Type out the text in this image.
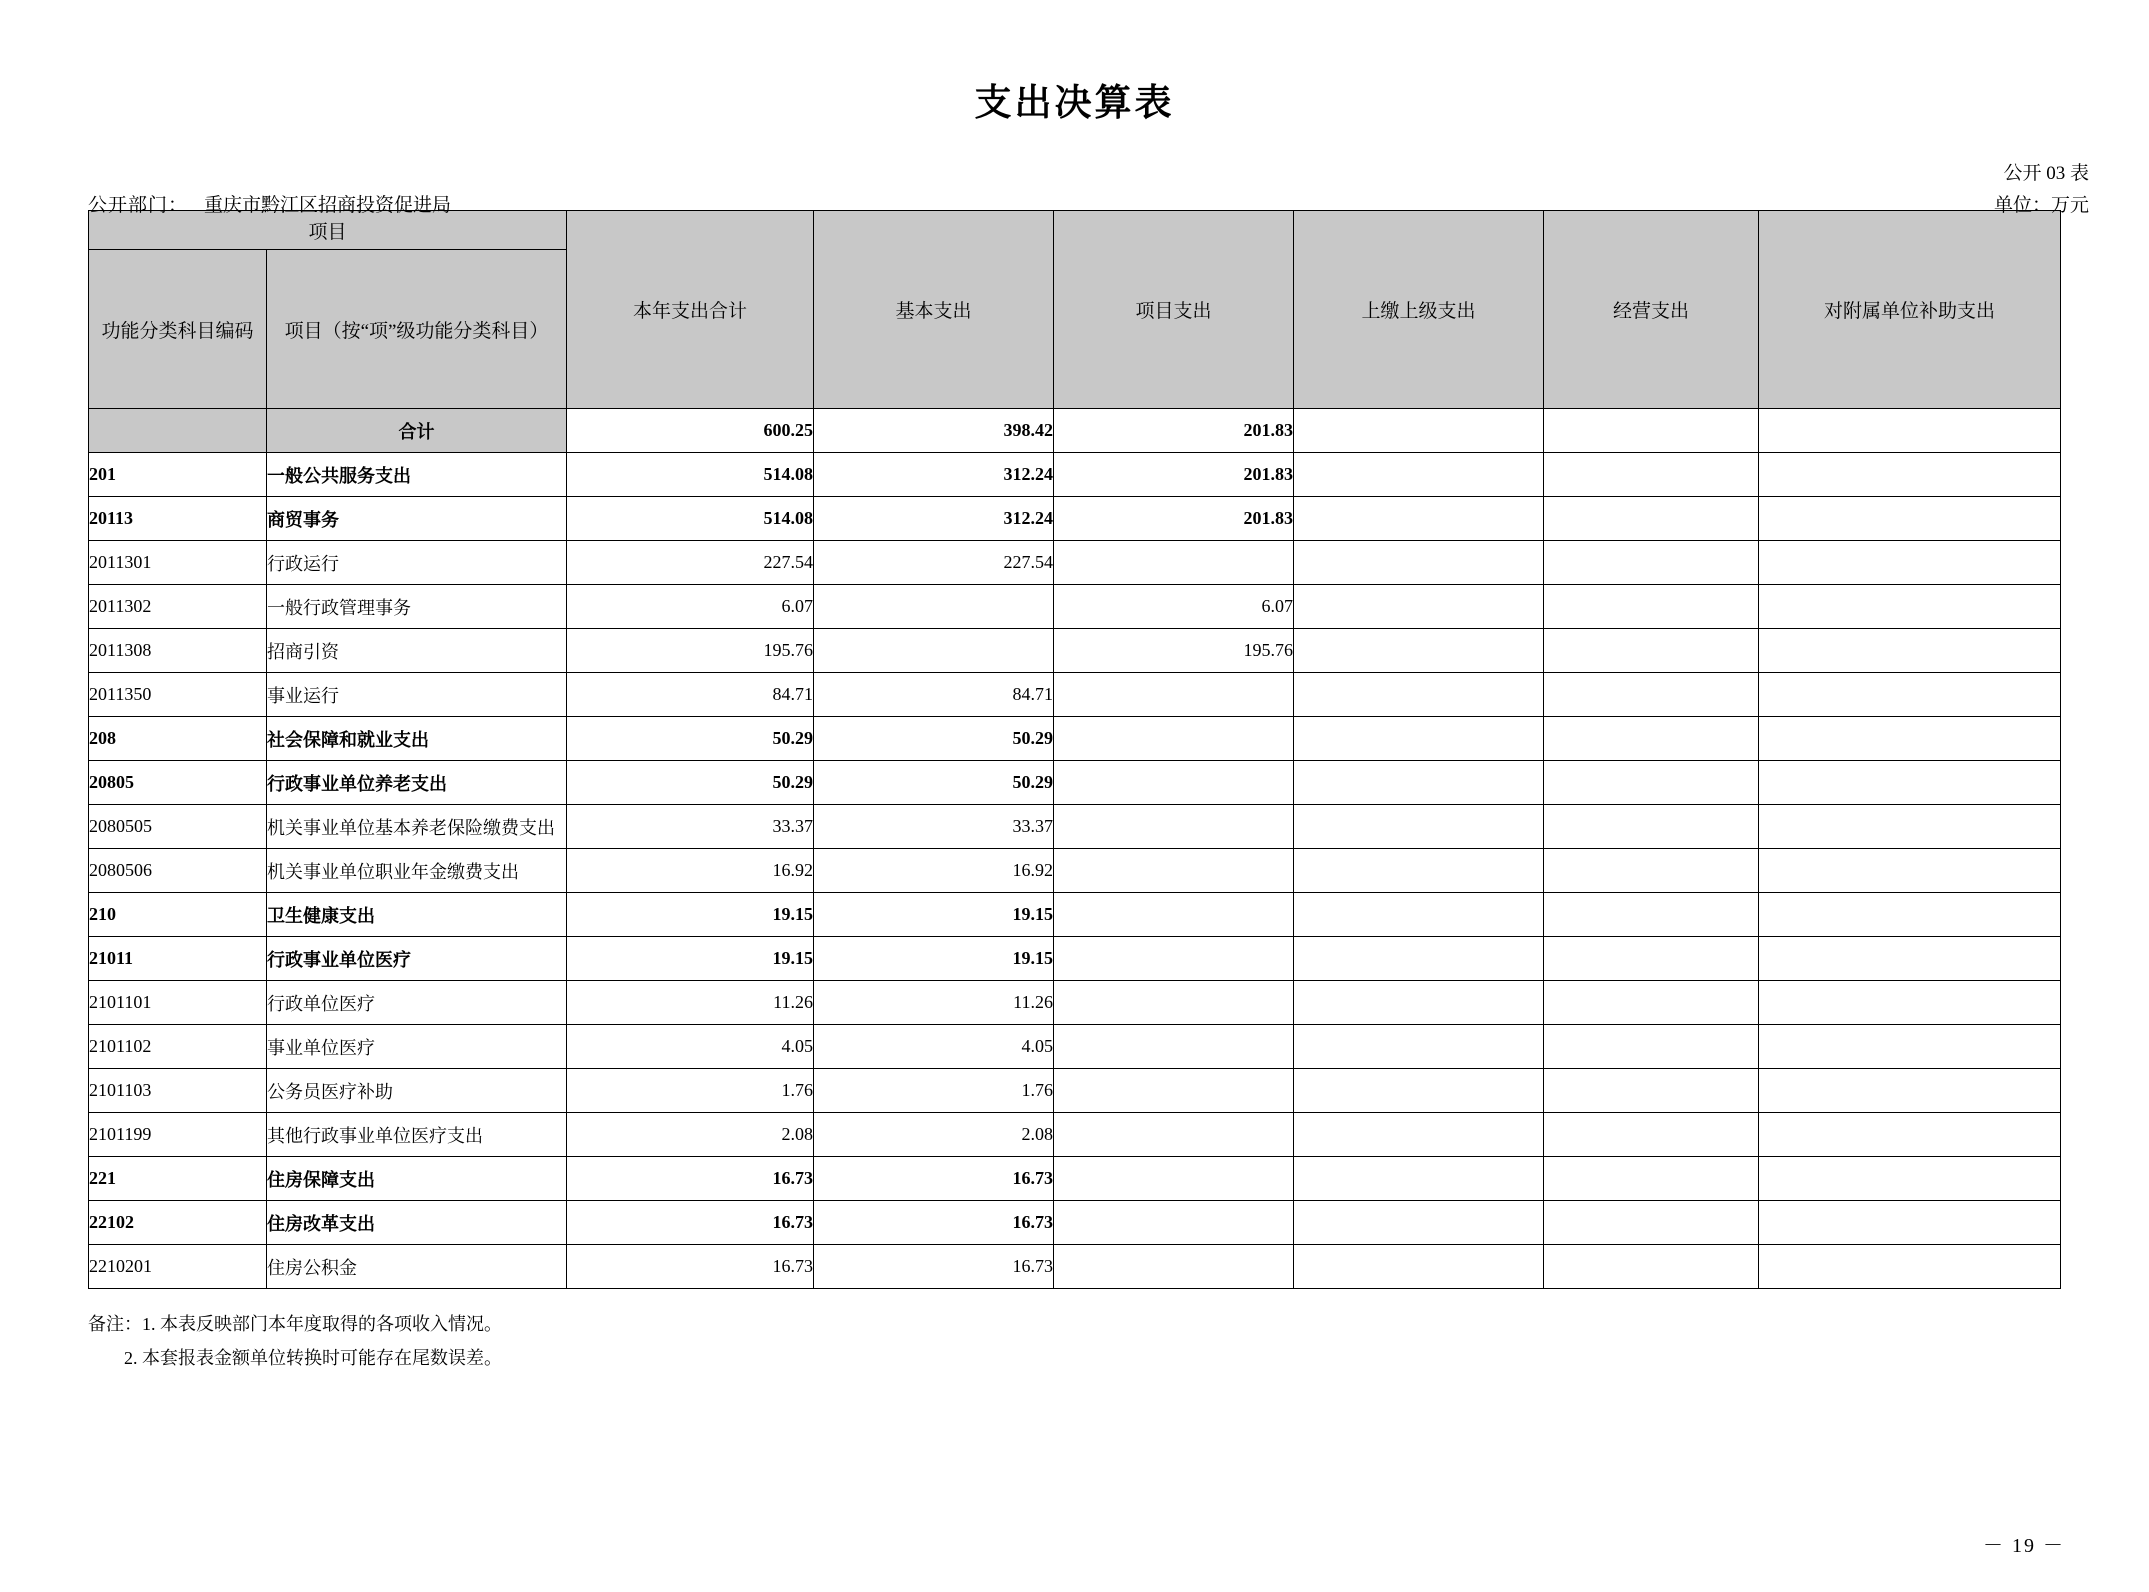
支出决算表
公开 03 表
公开部门： 重庆市黔江区招商投资促进局	单位：万元
项目		本年支出合计	基本支出	项目支出	上缴上级支出	经营支出	对附属单位补助支出
功能分类科目编码	项目（按“项”级功能分类科目）						
	合计	600.25	398.42	201.83			
201	一般公共服务支出	514.08	312.24	201.83			
20113	商贸事务	514.08	312.24	201.83			
2011301	行政运行	227.54	227.54				
2011302	一般行政管理事务	6.07		6.07			
2011308	招商引资	195.76		195.76			
2011350	事业运行	84.71	84.71				
208	社会保障和就业支出	50.29	50.29				
20805	行政事业单位养老支出	50.29	50.29				
2080505	机关事业单位基本养老保险缴费支出	33.37	33.37				
2080506	机关事业单位职业年金缴费支出	16.92	16.92				
210	卫生健康支出	19.15	19.15				
21011	行政事业单位医疗	19.15	19.15				
2101101	行政单位医疗	11.26	11.26				
2101102	事业单位医疗	4.05	4.05				
2101103	公务员医疗补助	1.76	1.76				
2101199	其他行政事业单位医疗支出	2.08	2.08				
221	住房保障支出	16.73	16.73				
22102	住房改革支出	16.73	16.73				
2210201	住房公积金	16.73	16.73				
备注：1. 本表反映部门本年度取得的各项收入情况。
2. 本套报表金额单位转换时可能存在尾数误差。
－ 19 －
